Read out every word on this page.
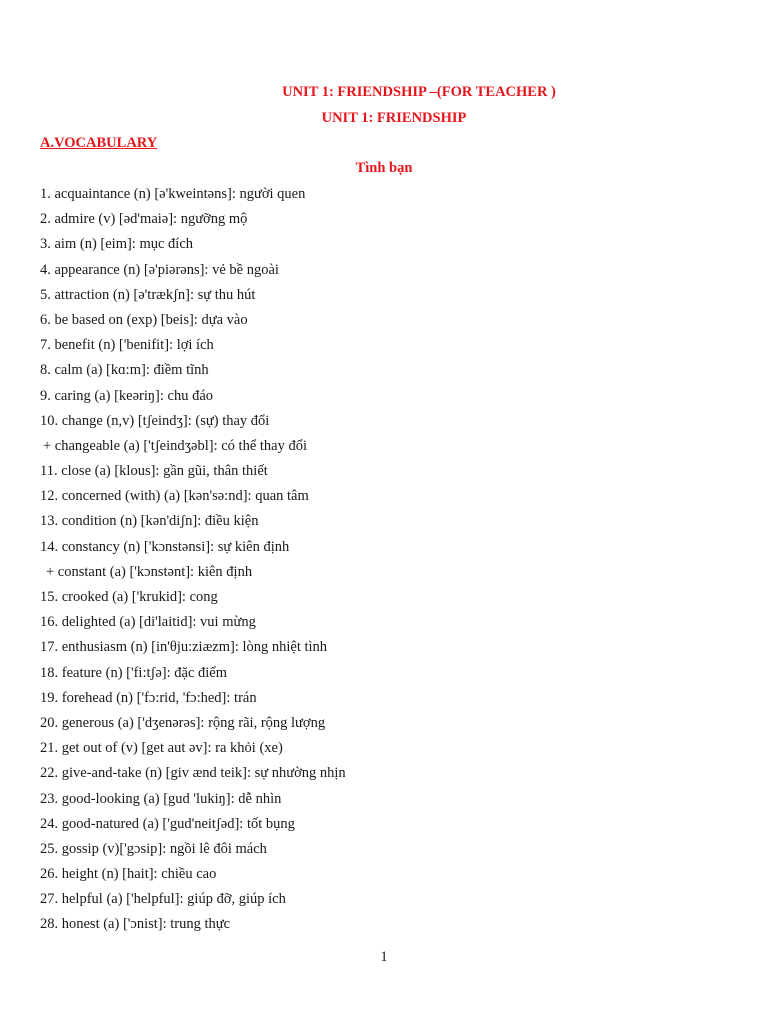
UNIT 1: FRIENDSHIP –(FOR TEACHER )
UNIT 1: FRIENDSHIP
A.VOCABULARY
Tình bạn
1. acquaintance (n) [ə'kweintəns]: người quen
2. admire (v) [əd'maiə]: ngưỡng mộ
3. aim (n) [eim]: mục đích
4. appearance (n) [ə'piərəns]: vẻ bề ngoài
5. attraction (n) [ə'trækʃn]: sự thu hút
6. be based on (exp) [beis]: dựa vào
7. benefit (n) ['benifit]: lợi ích
8. calm (a) [kɑ:m]: điềm tĩnh
9. caring (a) [keəriŋ]: chu đáo
10. change (n,v) [tʃeindʒ]: (sự) thay đổi
+ changeable (a) ['tʃeindʒəbl]: có thể thay đổi
11. close (a) [klous]: gần gũi, thân thiết
12. concerned (with) (a) [kən'sə:nd]: quan tâm
13. condition (n) [kən'diʃn]: điều kiện
14. constancy (n) ['kɔnstənsi]: sự kiên định
+ constant (a) ['kɔnstənt]: kiên định
15. crooked (a) ['krukid]: cong
16. delighted (a) [di'laitid]: vui mừng
17. enthusiasm (n) [in'θju:ziæzm]: lòng nhiệt tình
18. feature (n) ['fi:tʃə]: đặc điểm
19. forehead (n) ['fɔ:rid, 'fɔ:hed]: trán
20. generous (a) ['dʒenərəs]: rộng rãi, rộng lượng
21. get out of (v) [get aut əv]: ra khỏi (xe)
22. give-and-take (n) [giv ænd teik]: sự nhường nhịn
23. good-looking (a) [gud 'lukiŋ]: dễ nhìn
24. good-natured (a) ['gud'neitʃəd]: tốt bụng
25. gossip (v)['gɔsip]: ngồi lê đôi mách
26. height (n) [hait]: chiều cao
27. helpful (a) ['helpful]: giúp đỡ, giúp ích
28. honest (a) ['ɔnist]: trung thực
1
